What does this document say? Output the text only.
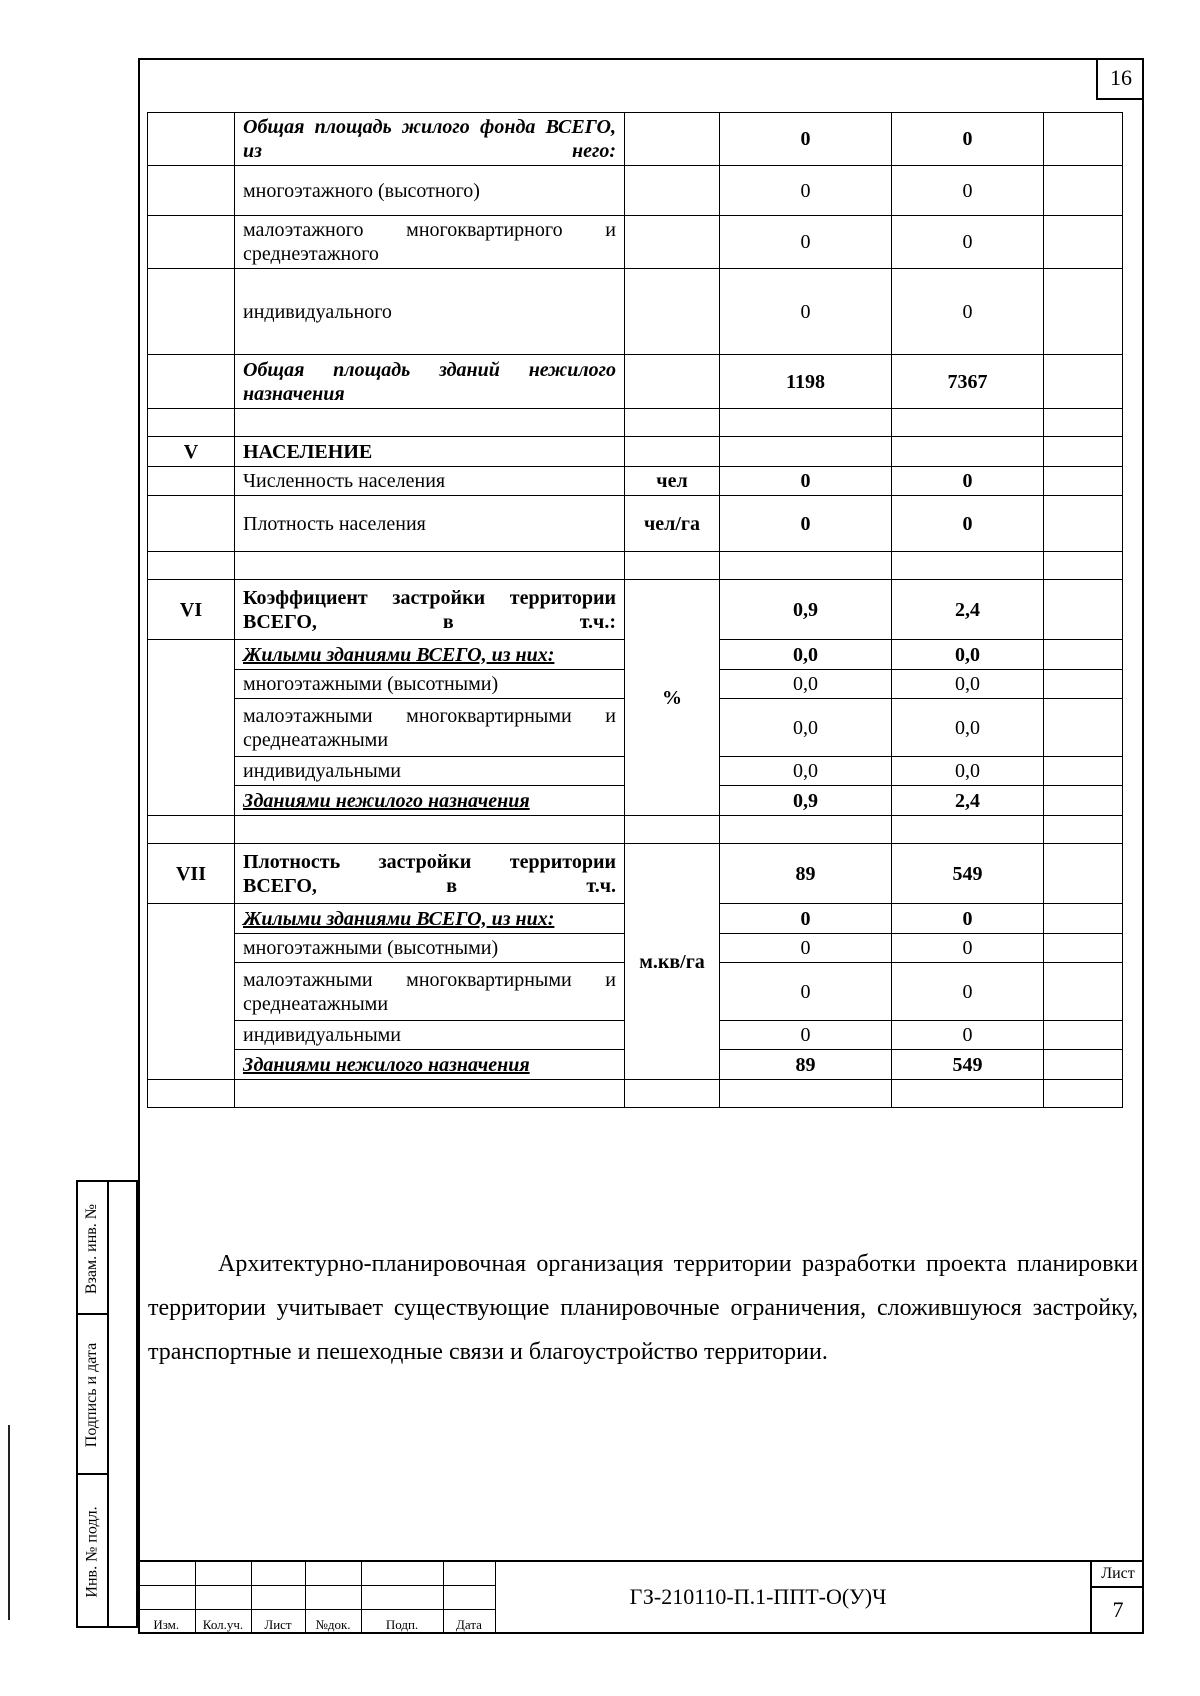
16
	Общая площадь жилого фонда ВСЕГО, из него:		0	0	
	многоэтажного (высотного)		0	0	
	малоэтажного многоквартирного и среднеэтажного		0	0	
	индивидуального		0	0	
	Общая площадь зданий нежилого назначения		1198	7367	

V	НАСЕЛЕНИЕ				
	Численность населения	чел	0	0	
	Плотность населения	чел/га	0	0	

VI	Коэффициент застройки территории ВСЕГО, в т.ч.:	%	0,9	2,4	
	Жилыми зданиями ВСЕГО, из них:		0,0	0,0	
	многоэтажными (высотными)		0,0	0,0	
	малоэтажными многоквартирными и среднеатажными		0,0	0,0	
	индивидуальными		0,0	0,0	
	Зданиями нежилого назначения		0,9	2,4	

VII	Плотность застройки территории ВСЕГО, в т.ч.	м.кв/га	89	549	
	Жилыми зданиями ВСЕГО, из них:		0	0	
	многоэтажными (высотными)		0	0	
	малоэтажными многоквартирными и среднеатажными		0	0	
	индивидуальными		0	0	
	Зданиями нежилого назначения		89	549	

Архитектурно-планировочная организация территории разработки проекта планировки территории учитывает существующие планировочные ограничения, сложившуюся застройку, транспортные и пешеходные связи и благоустройство территории.
Взам. инв. №
Подпись и дата
Инв. № подл.

Изм.	Кол.уч.	Лист	№док.	Подп.	Дата
ГЗ-210110-П.1-ППТ-О(У)Ч
Лист
7
